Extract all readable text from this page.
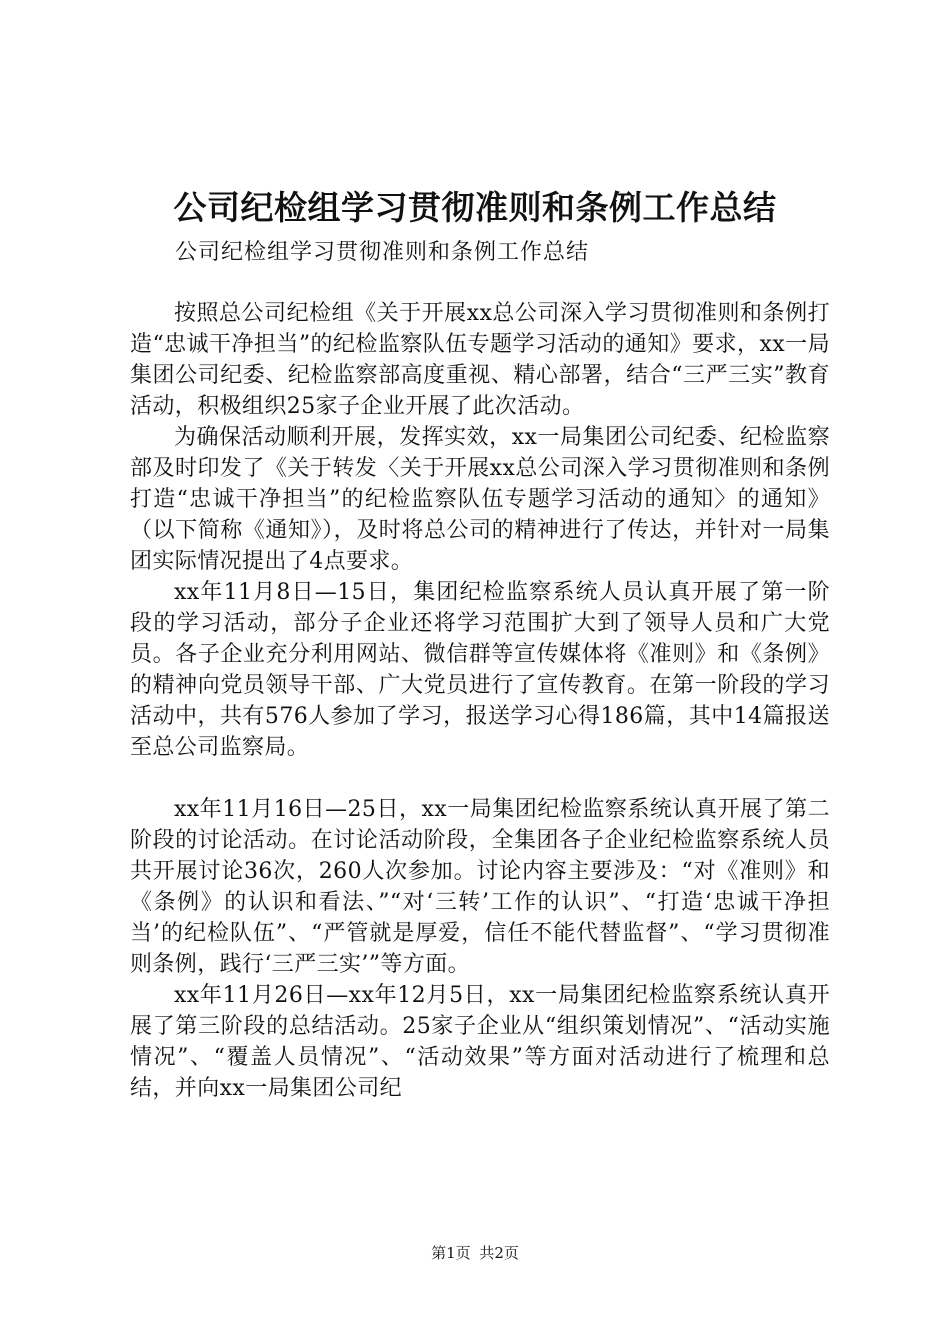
公司纪检组学习贯彻准则和条例工作总结
公司纪检组学习贯彻准则和条例工作总结

按照总公司纪检组《关于开展xx总公司深入学习贯彻准则和条例打造“忠诚干净担当”的纪检监察队伍专题学习活动的通知》要求，xx一局集团公司纪委、纪检监察部高度重视、精心部署，结合“三严三实”教育活动，积极组织25家子企业开展了此次活动。

为确保活动顺利开展，发挥实效，xx一局集团公司纪委、纪检监察部及时印发了《关于转发〈关于开展xx总公司深入学习贯彻准则和条例打造“忠诚干净担当”的纪检监察队伍专题学习活动的通知〉的通知》（以下简称《通知》），及时将总公司的精神进行了传达，并针对一局集团实际情况提出了4点要求。

xx年11月8日—15日，集团纪检监察系统人员认真开展了第一阶段的学习活动，部分子企业还将学习范围扩大到了领导人员和广大党员。各子企业充分利用网站、微信群等宣传媒体将《准则》和《条例》的精神向党员领导干部、广大党员进行了宣传教育。在第一阶段的学习活动中，共有576人参加了学习，报送学习心得186篇，其中14篇报送至总公司监察局。

xx年11月16日—25日，xx一局集团纪检监察系统认真开展了第二阶段的讨论活动。在讨论活动阶段，全集团各子企业纪检监察系统人员共开展讨论36次，260人次参加。讨论内容主要涉及：“对《准则》和《条例》的认识和看法、”“对‘三转’工作的认识”、“打造‘忠诚干净担当’的纪检队伍”、“严管就是厚爱，信任不能代替监督”、“学习贯彻准则条例，践行‘三严三实’”等方面。

xx年11月26日—xx年12月5日，xx一局集团纪检监察系统认真开展了第三阶段的总结活动。25家子企业从“组织策划情况”、“活动实施情况”、“覆盖人员情况”、“活动效果”等方面对活动进行了梳理和总结，并向xx一局集团公司纪

第1页 共2页
